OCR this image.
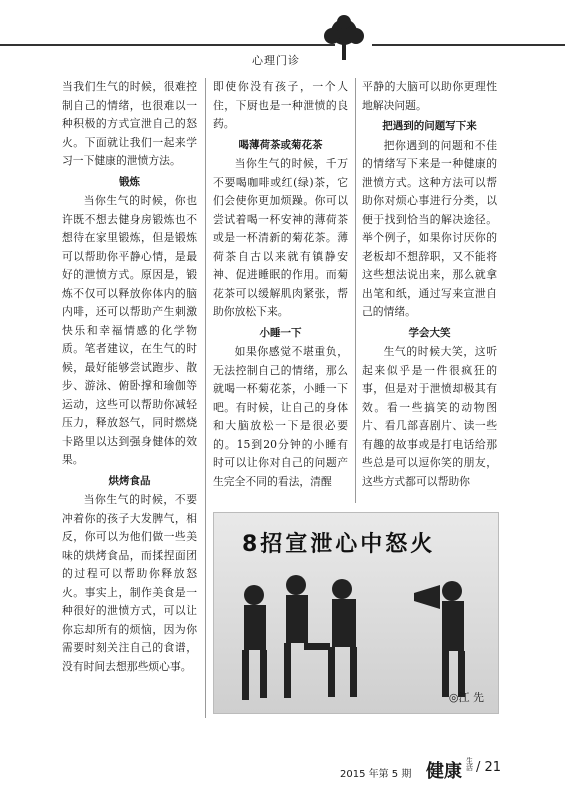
心理门诊

当我们生气的时候，很难控制自己的情绪，也很难以一种积极的方式宣泄自己的怒火。下面就让我们一起来学习一下健康的泄愤方法。

锻炼

当你生气的时候，你也许既不想去健身房锻炼也不想待在家里锻炼，但是锻炼可以帮助你平静心情，是最好的泄愤方式。原因是，锻炼不仅可以释放你体内的脑内啡，还可以帮助产生刺激快乐和幸福情感的化学物质。笔者建议，在生气的时候，最好能够尝试跑步、散步、游泳、俯卧撑和瑜伽等运动，这些可以帮助你减轻压力，释放怒气，同时燃烧卡路里以达到强身健体的效果。

烘烤食品

当你生气的时候，不要冲着你的孩子大发脾气，相反，你可以为他们做一些美味的烘烤食品，而揉捏面团的过程可以帮助你释放怒火。事实上，制作美食是一种很好的泄愤方式，可以让你忘却所有的烦恼，因为你需要时刻关注自己的食谱，没有时间去想那些烦心事。

即使你没有孩子，一个人住，下厨也是一种泄愤的良药。

喝薄荷茶或菊花茶

当你生气的时候，千万不要喝咖啡或红(绿)茶，它们会使你更加烦躁。你可以尝试着喝一杯安神的薄荷茶或是一杯清新的菊花茶。薄荷茶自古以来就有镇静安神、促进睡眠的作用。而菊花茶可以缓解肌肉紧张，帮助你放松下来。

小睡一下

如果你感觉不堪重负，无法控制自己的情绪，那么就喝一杯菊花茶，小睡一下吧。有时候，让自己的身体和大脑放松一下是很必要的。15到20分钟的小睡有时可以让你对自己的问题产生完全不同的看法，清醒

平静的大脑可以助你更理性地解决问题。

把遇到的问题写下来

把你遇到的问题和不佳的情绪写下来是一种健康的泄愤方式。这种方法可以帮助你对烦心事进行分类，以便于找到恰当的解决途径。举个例子，如果你讨厌你的老板却不想辞职，又不能将这些想法说出来，那么就拿出笔和纸，通过写来宣泄自己的情绪。

学会大笑

生气的时候大笑，这听起来似乎是一件很疯狂的事，但是对于泄愤却极其有效。看一些搞笑的动物图片、看几部喜剧片、读一些有趣的故事或是打电话给那些总是可以逗你笑的朋友，这些方式都可以帮助你

8招宣泄心中怒火
◎江 先
2015 年第 5 期 健康 生活 / 21
